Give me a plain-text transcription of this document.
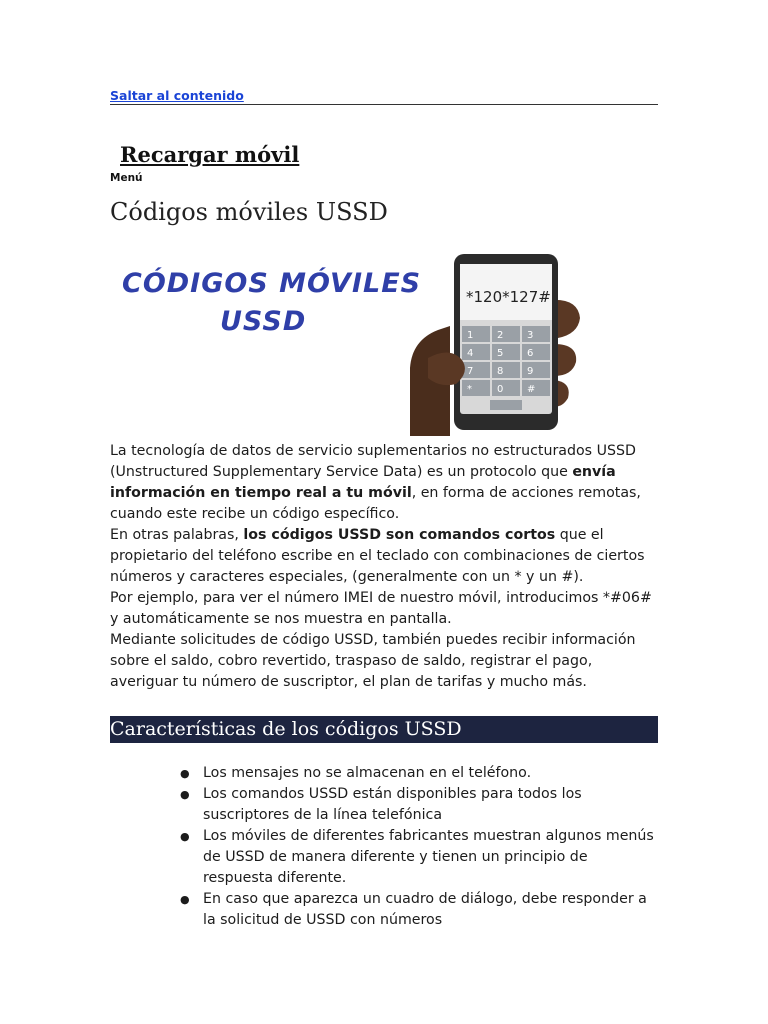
Saltar al contenido
Recargar móvil
Menú
Códigos móviles USSD
CÓDIGOS MÓVILES
USSD	1 2 3
4 5 6
7 8 9
*	0 #
*120*127#

La tecnología de datos de servicio suplementarios no estructurados USSD (Unstructured Supplementary Service Data) es un protocolo que envía información en tiempo real a tu móvil, en forma de acciones remotas, cuando este recibe un código específico.

En otras palabras, los códigos USSD son comandos cortos que el propietario del teléfono escribe en el teclado con combinaciones de ciertos números y caracteres especiales, (generalmente con un * y un #).

Por ejemplo, para ver el número IMEI de nuestro móvil, introducimos *#06# y automáticamente se nos muestra en pantalla.

Mediante solicitudes de código USSD, también puedes recibir información sobre el saldo, cobro revertido, traspaso de saldo, registrar el pago, averiguar tu número de suscriptor, el plan de tarifas y mucho más.

Características de los códigos USSD
● Los mensajes no se almacenan en el teléfono.
● Los comandos USSD están disponibles para todos los suscriptores de la línea telefónica
● Los móviles de diferentes fabricantes muestran algunos menús de USSD de manera diferente y tienen un principio de respuesta diferente.
● En caso que aparezca un cuadro de diálogo, debe responder a la solicitud de USSD con números
